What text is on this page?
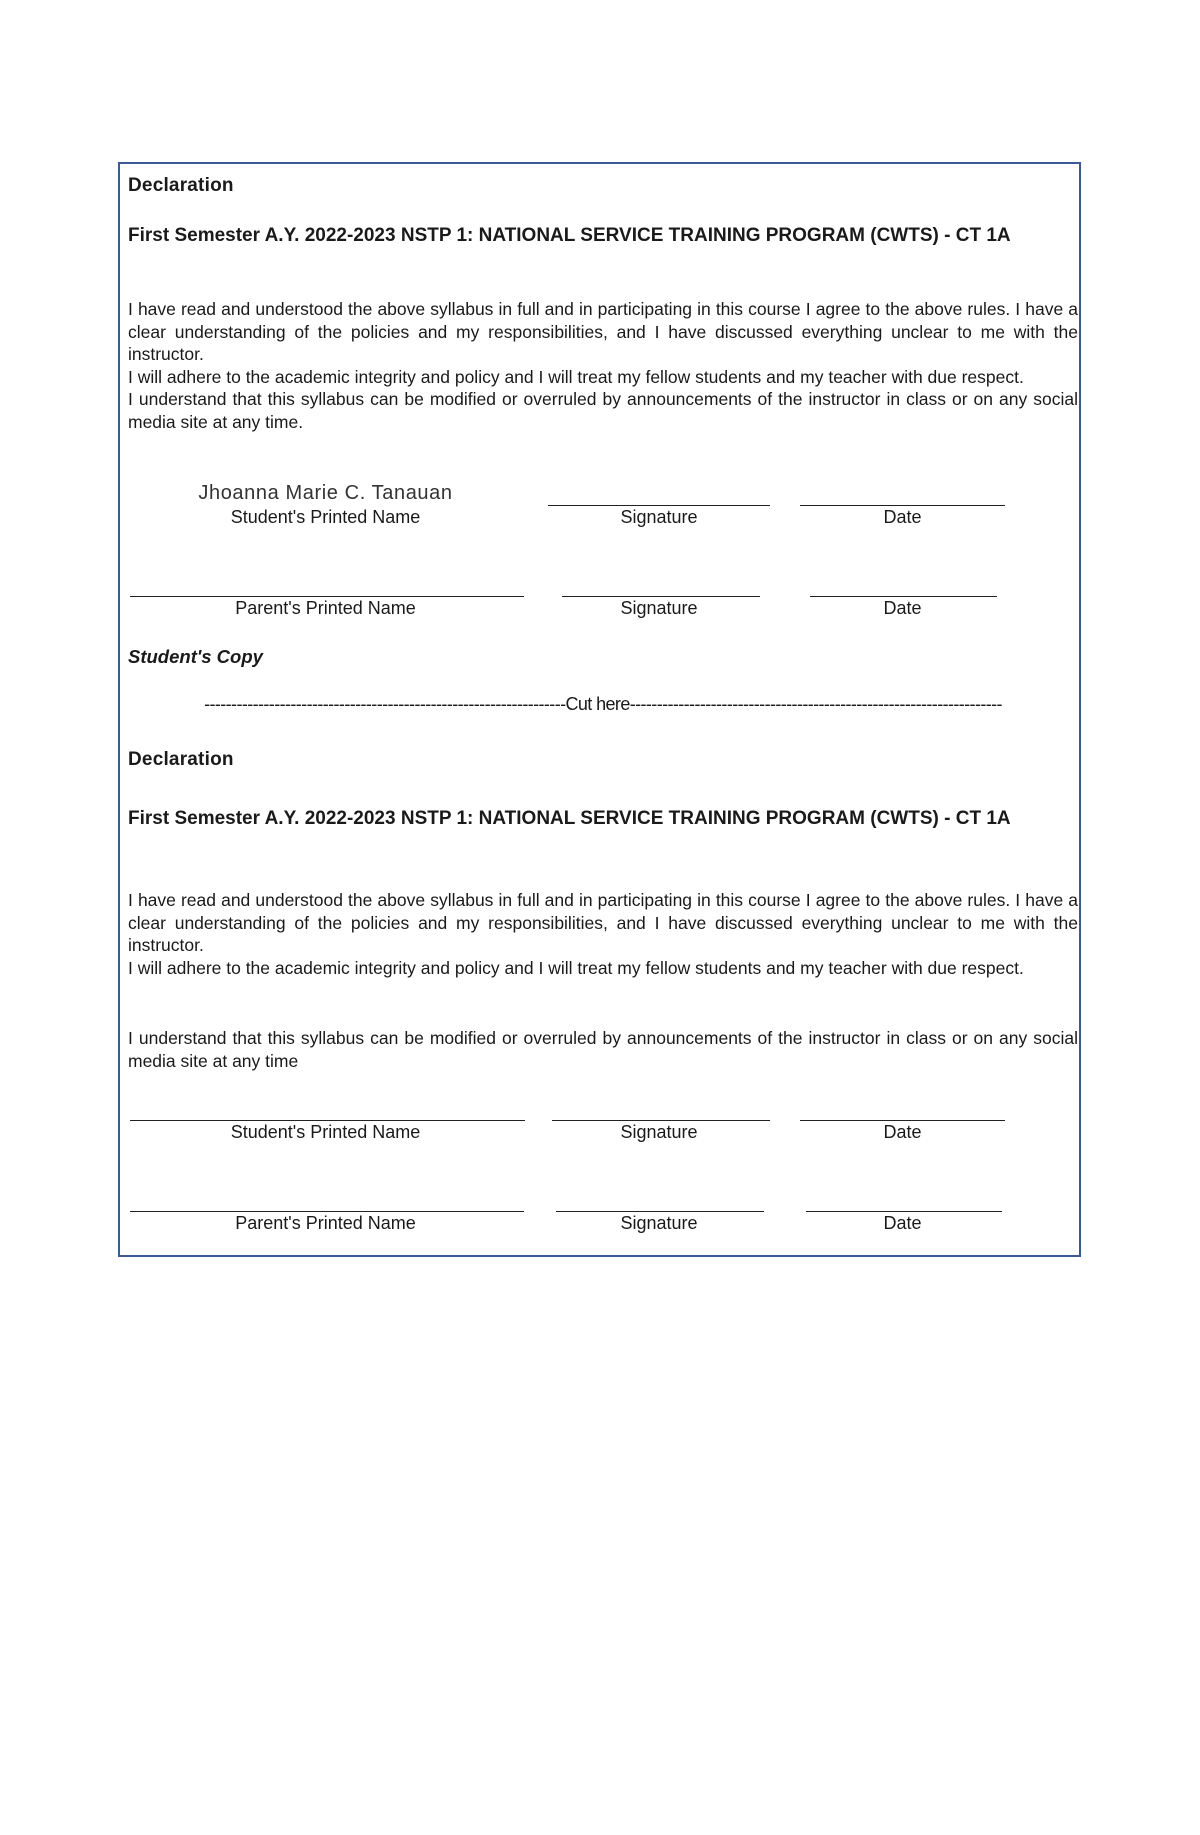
Declaration
First Semester A.Y. 2022-2023 NSTP 1: NATIONAL SERVICE TRAINING PROGRAM (CWTS) - CT 1A
I have read and understood the above syllabus in full and in participating in this course I agree to the above rules. I have a clear understanding of the policies and my responsibilities, and I have discussed everything unclear to me with the instructor.
I will adhere to the academic integrity and policy and I will treat my fellow students and my teacher with due respect.
I understand that this syllabus can be modified or overruled by announcements of the instructor in class or on any social media site at any time.
Jhoanna Marie C. Tanauan
Student's Printed Name	Signature	Date
Parent's Printed Name	Signature	Date
Student's Copy
-------------------------------------------------------------------Cut here---------------------------------------------------------------------
Declaration
First Semester A.Y. 2022-2023 NSTP 1: NATIONAL SERVICE TRAINING PROGRAM (CWTS) - CT 1A
I have read and understood the above syllabus in full and in participating in this course I agree to the above rules. I have a clear understanding of the policies and my responsibilities, and I have discussed everything unclear to me with the instructor.
I will adhere to the academic integrity and policy and I will treat my fellow students and my teacher with due respect.
I understand that this syllabus can be modified or overruled by announcements of the instructor in class or on any social media site at any time
Student's Printed Name	Signature	Date
Parent's Printed Name	Signature	Date
